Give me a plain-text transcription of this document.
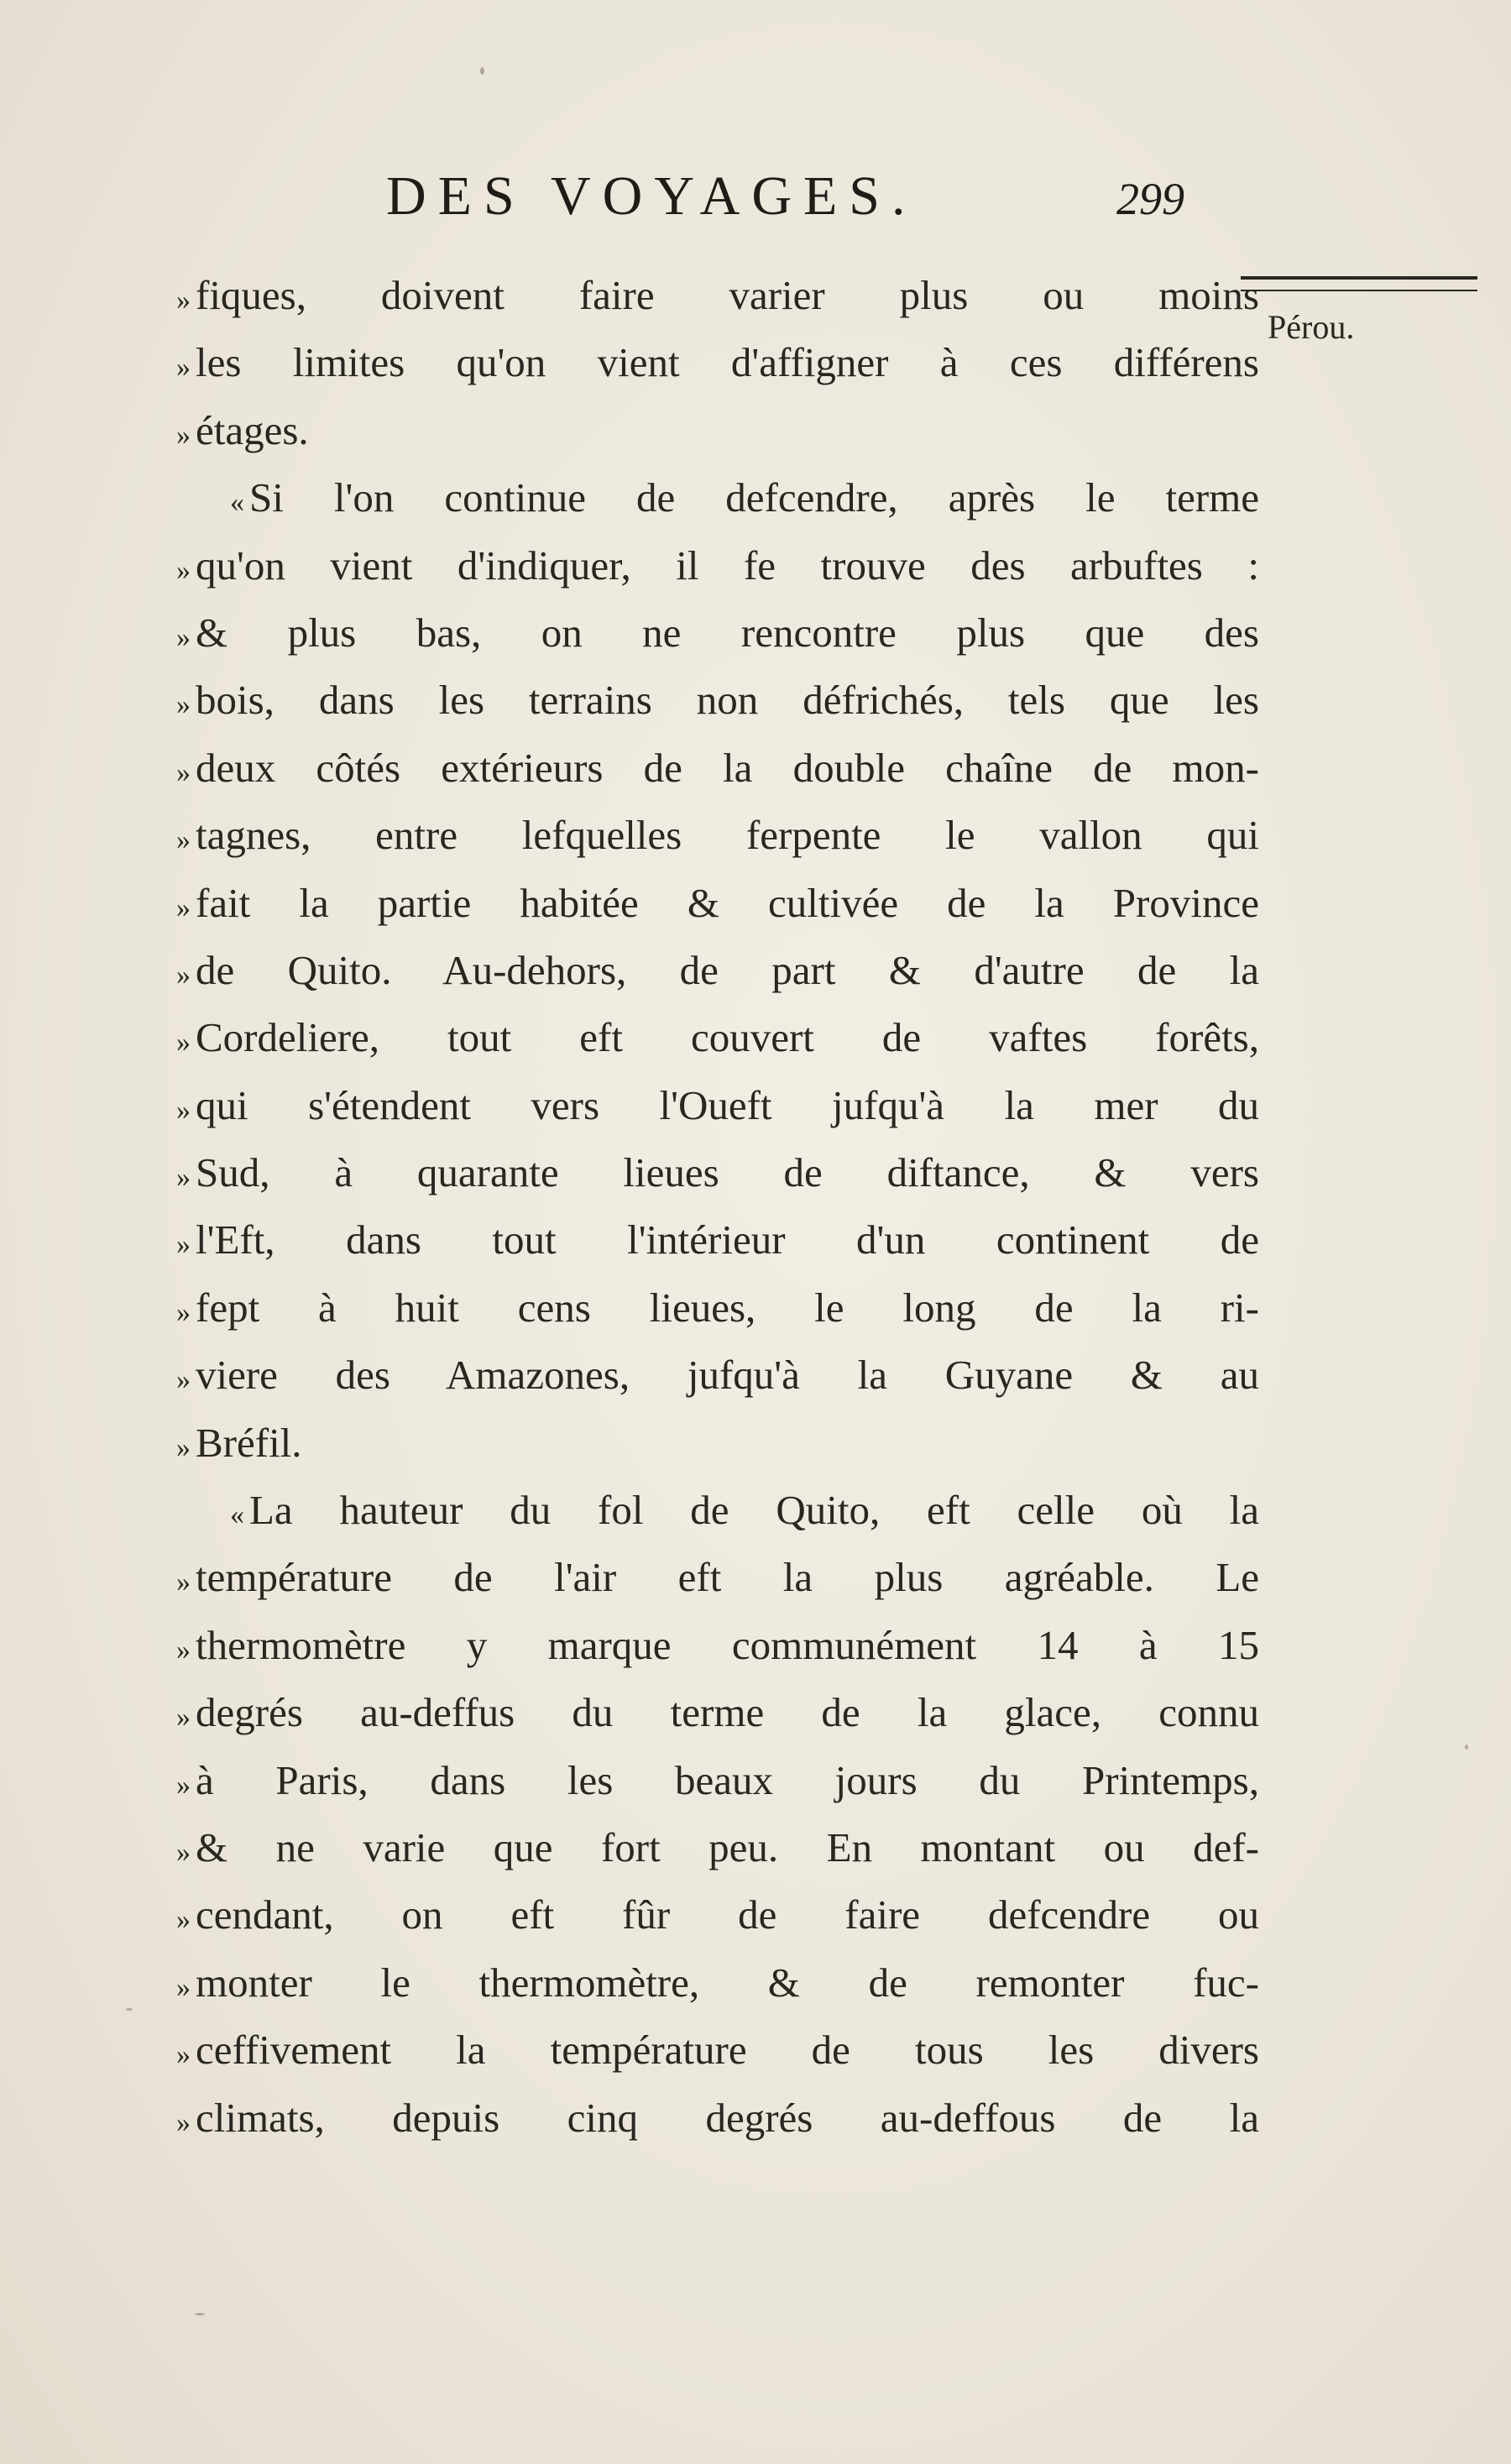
DES VOYAGES.	299
Pérou.
» fiques, doivent faire varier plus ou moins
» les limites qu'on vient d'affigner à ces différens
» étages.
« Si l'on continue de defcendre, après le terme
» qu'on vient d'indiquer, il fe trouve des arbuftes :
» & plus bas, on ne rencontre plus que des
» bois, dans les terrains non défrichés, tels que les
» deux côtés extérieurs de la double chaîne de mon-
» tagnes, entre lefquelles ferpente le vallon qui
» fait la partie habitée & cultivée de la Province
» de Quito. Au-dehors, de part & d'autre de la
» Cordeliere, tout eft couvert de vaftes forêts,
» qui s'étendent vers l'Oueft jufqu'à la mer du
» Sud, à quarante lieues de diftance, & vers
» l'Eft, dans tout l'intérieur d'un continent de
» fept à huit cens lieues, le long de la ri-
» viere des Amazones, jufqu'à la Guyane & au
» Bréfil.
« La hauteur du fol de Quito, eft celle où la
» température de l'air eft la plus agréable. Le
» thermomètre y marque communément 14 à 15
» degrés au-deffus du terme de la glace, connu
» à Paris, dans les beaux jours du Printemps,
» & ne varie que fort peu. En montant ou def-
» cendant, on eft fûr de faire defcendre ou
» monter le thermomètre, & de remonter fuc-
» ceffivement la température de tous les divers
» climats, depuis cinq degrés au-deffous de la
